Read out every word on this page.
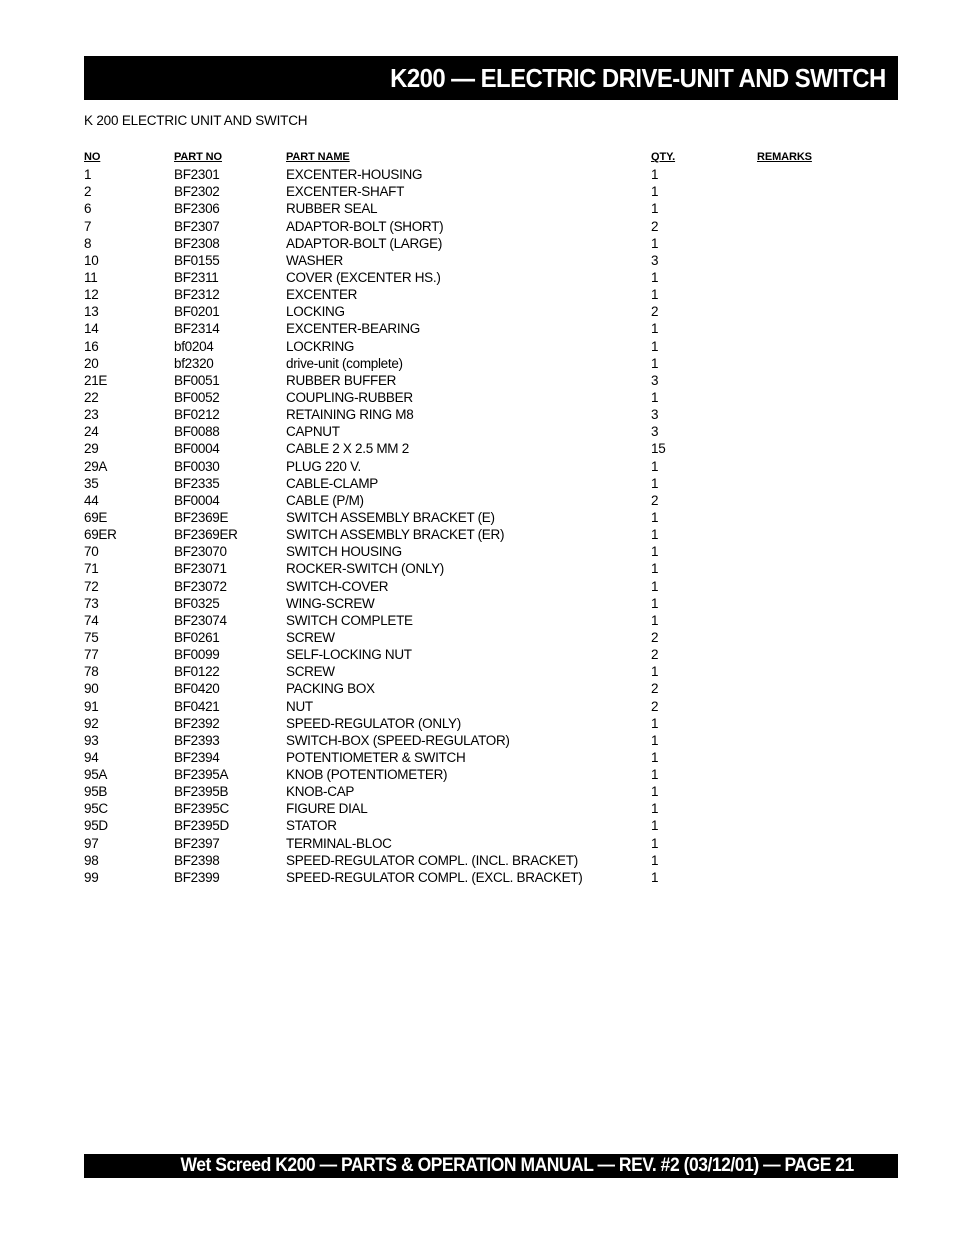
K200 — ELECTRIC DRIVE-UNIT AND SWITCH
K 200 ELECTRIC UNIT AND SWITCH
NO	PART NO	PART NAME	QTY.	REMARKS
1	BF2301	EXCENTER-HOUSING	1
2	BF2302	EXCENTER-SHAFT	1
6	BF2306	RUBBER SEAL	1
7	BF2307	ADAPTOR-BOLT (SHORT)	2
8	BF2308	ADAPTOR-BOLT (LARGE)	1
10	BF0155	WASHER	3
11	BF2311	COVER (EXCENTER HS.)	1
12	BF2312	EXCENTER	1
13	BF0201	LOCKING	2
14	BF2314	EXCENTER-BEARING	1
16	bf0204	LOCKRING	1
20	bf2320	drive-unit (complete)	1
21E	BF0051	RUBBER BUFFER	3
22	BF0052	COUPLING-RUBBER	1
23	BF0212	RETAINING RING M8	3
24	BF0088	CAPNUT	3
29	BF0004	CABLE 2 X 2.5 MM 2	15
29A	BF0030	PLUG 220 V.	1
35	BF2335	CABLE-CLAMP	1
44	BF0004	CABLE (P/M)	2
69E	BF2369E	SWITCH ASSEMBLY BRACKET (E)	1
69ER	BF2369ER	SWITCH ASSEMBLY BRACKET (ER)	1
70	BF23070	SWITCH HOUSING	1
71	BF23071	ROCKER-SWITCH (ONLY)	1
72	BF23072	SWITCH-COVER	1
73	BF0325	WING-SCREW	1
74	BF23074	SWITCH COMPLETE	1
75	BF0261	SCREW	2
77	BF0099	SELF-LOCKING NUT	2
78	BF0122	SCREW	1
90	BF0420	PACKING BOX	2
91	BF0421	NUT	2
92	BF2392	SPEED-REGULATOR (ONLY)	1
93	BF2393	SWITCH-BOX (SPEED-REGULATOR)	1
94	BF2394	POTENTIOMETER & SWITCH	1
95A	BF2395A	KNOB (POTENTIOMETER)	1
95B	BF2395B	KNOB-CAP	1
95C	BF2395C	FIGURE DIAL	1
95D	BF2395D	STATOR	1
97	BF2397	TERMINAL-BLOC	1
98	BF2398	SPEED-REGULATOR COMPL. (INCL. BRACKET)	1
99	BF2399	SPEED-REGULATOR COMPL. (EXCL. BRACKET)	1
Wet Screed K200 — PARTS & OPERATION MANUAL — REV. #2 (03/12/01) — PAGE 21
